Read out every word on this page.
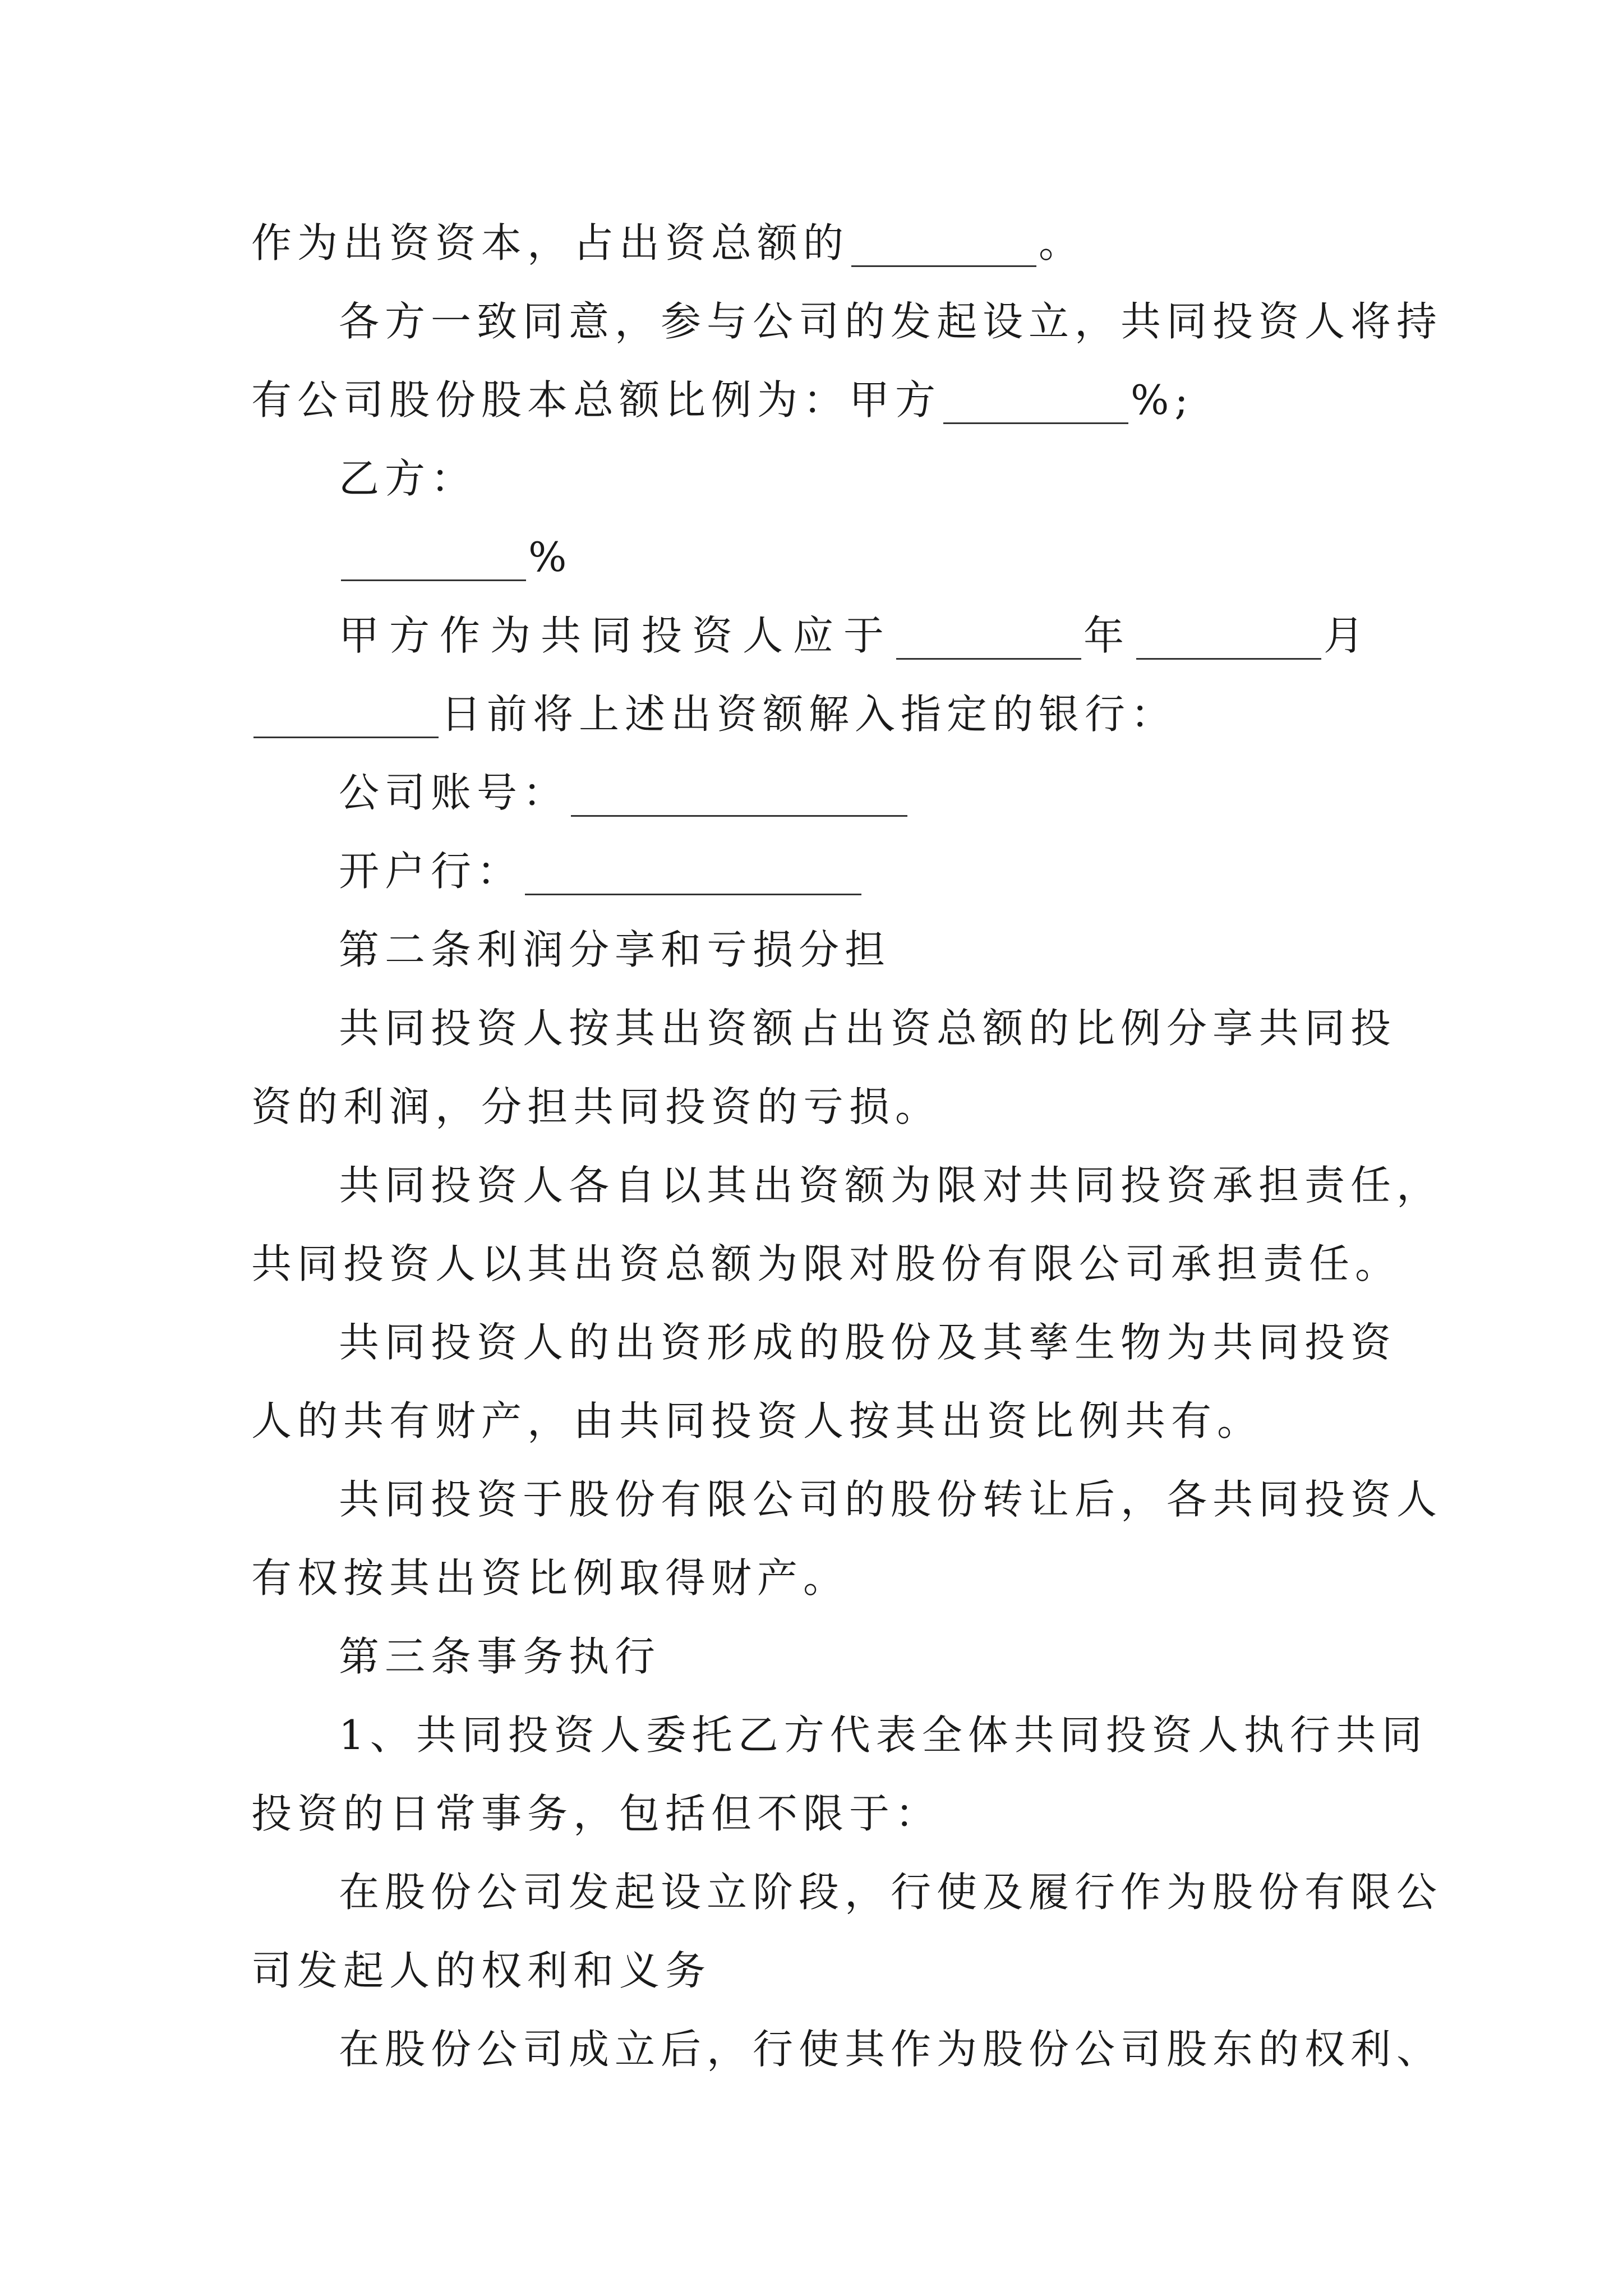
作为出资资本，占出资总额的	。
各方一致同意，参与公司的发起设立，共同投资人将持
有公司股份股本总额比例为：甲方	%;
乙方：
%
甲方作为共同投资人应于	年	月
日前将上述出资额解入指定的银行：
公司账号：
开户行：
第二条利润分享和亏损分担
共同投资人按其出资额占出资总额的比例分享共同投
资的利润，分担共同投资的亏损。
共同投资人各自以其出资额为限对共同投资承担责任，
共同投资人以其出资总额为限对股份有限公司承担责任。
共同投资人的出资形成的股份及其孳生物为共同投资
人的共有财产，由共同投资人按其出资比例共有。
共同投资于股份有限公司的股份转让后，各共同投资人
有权按其出资比例取得财产。
第三条事务执行
1、共同投资人委托乙方代表全体共同投资人执行共同
投资的日常事务，包括但不限于：
在股份公司发起设立阶段，行使及履行作为股份有限公
司发起人的权利和义务
在股份公司成立后，行使其作为股份公司股东的权利、
